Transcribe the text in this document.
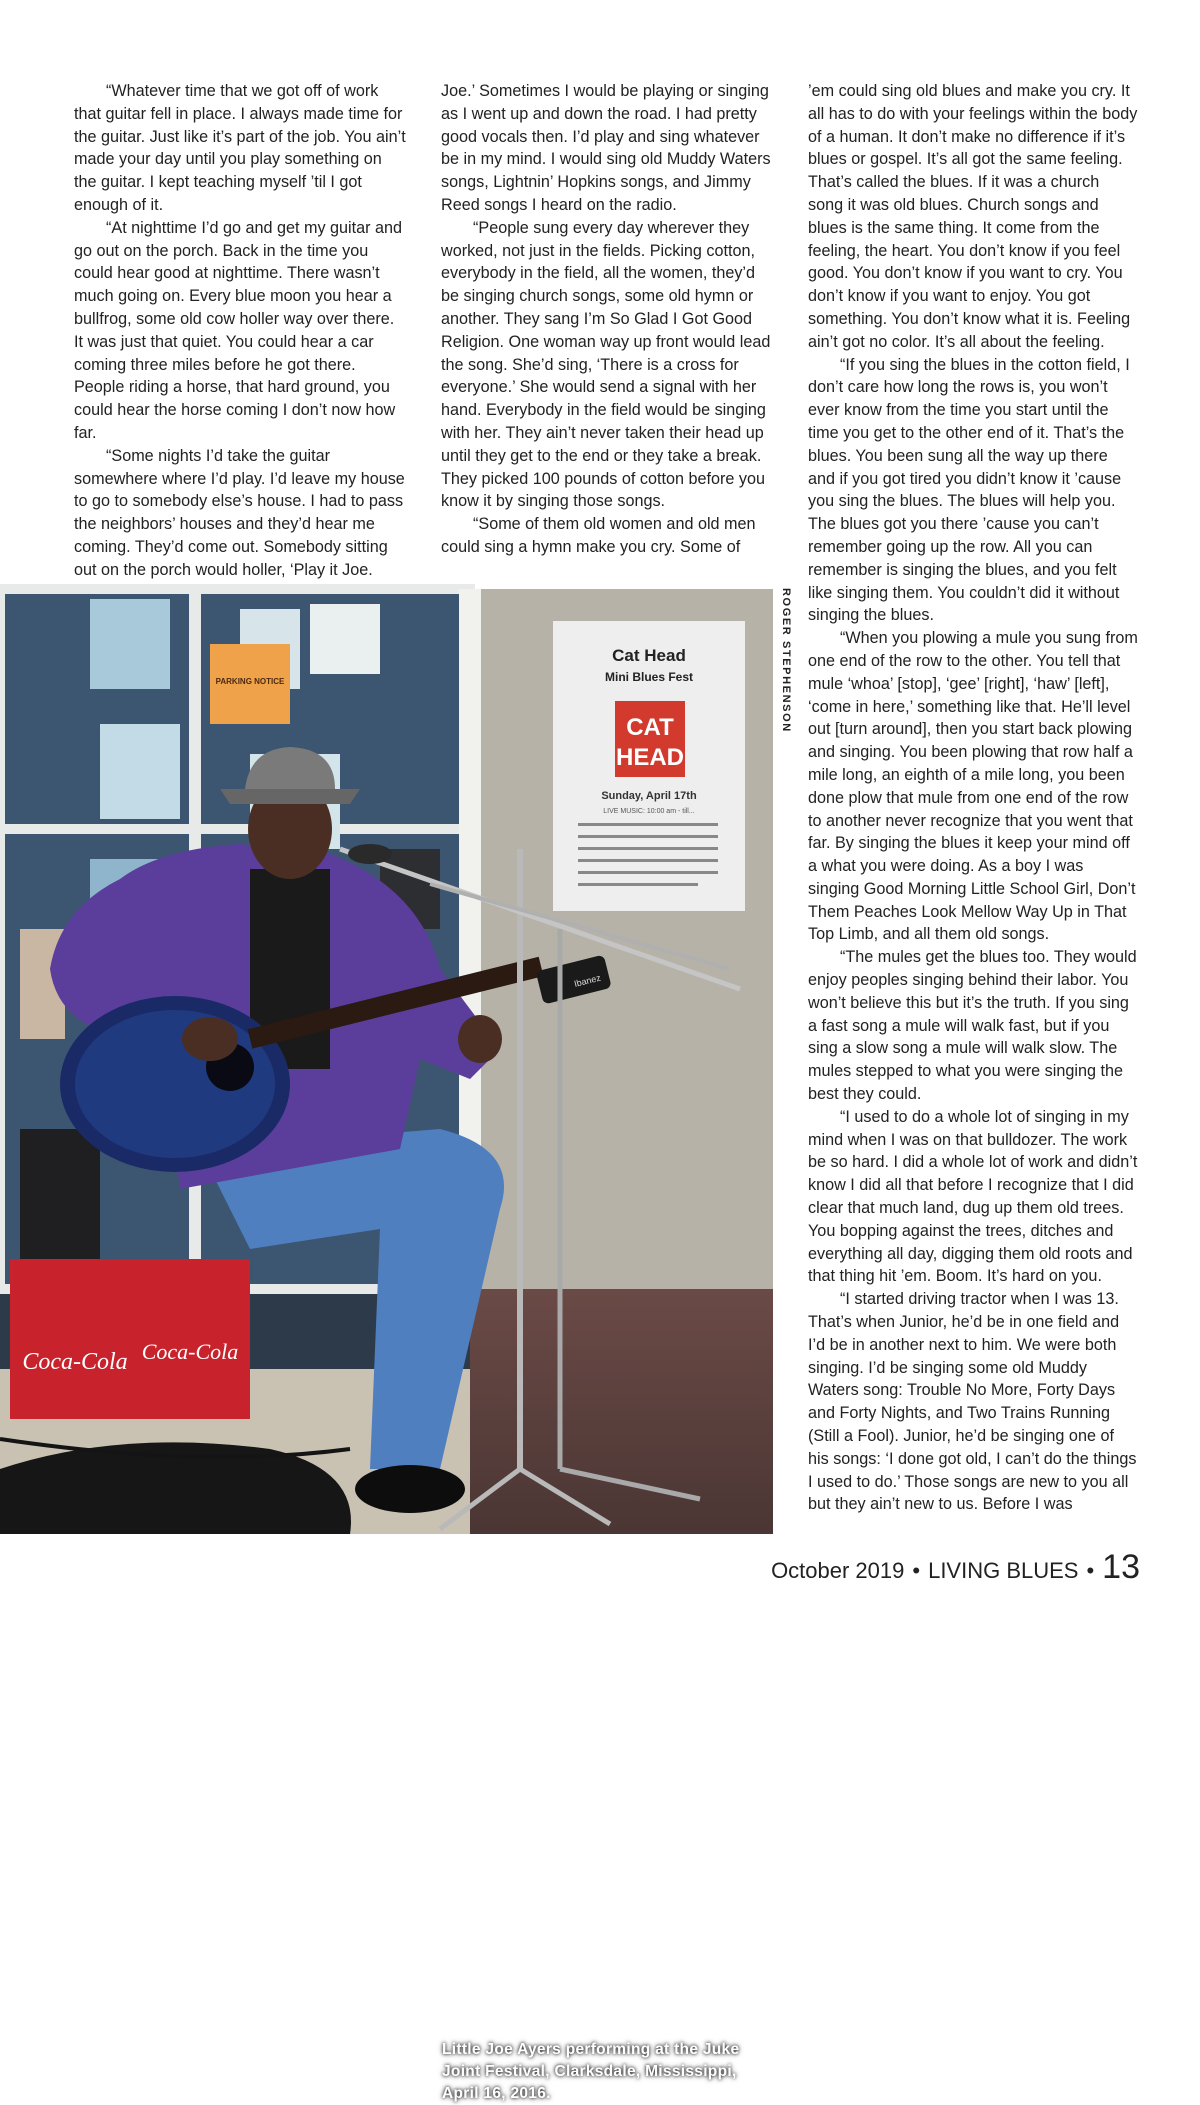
“Whatever time that we got off of work that guitar fell in place. I always made time for the guitar. Just like it’s part of the job. You ain’t made your day until you play something on the guitar. I kept teaching myself ’til I got enough of it.

“At nighttime I’d go and get my guitar and go out on the porch. Back in the time you could hear good at nighttime. There wasn’t much going on. Every blue moon you hear a bullfrog, some old cow holler way over there. It was just that quiet. You could hear a car coming three miles before he got there. People riding a horse, that hard ground, you could hear the horse coming I don’t now how far.

“Some nights I’d take the guitar somewhere where I’d play. I’d leave my house to go to somebody else’s house. I had to pass the neighbors’ houses and they’d hear me coming. They’d come out. Somebody sitting out on the porch would holler, ‘Play it Joe.

Joe.’ Sometimes I would be playing or singing as I went up and down the road. I had pretty good vocals then. I’d play and sing whatever be in my mind. I would sing old Muddy Waters songs, Lightnin’ Hopkins songs, and Jimmy Reed songs I heard on the radio.

“People sung every day wherever they worked, not just in the fields. Picking cotton, everybody in the field, all the women, they’d be singing church songs, some old hymn or another. They sang I’m So Glad I Got Good Religion. One woman way up front would lead the song. She’d sing, ‘There is a cross for everyone.’ She would send a signal with her hand. Everybody in the field would be singing with her. They ain’t never taken their head up until they get to the end or they take a break. They picked 100 pounds of cotton before you know it by singing those songs.

“Some of them old women and old men could sing a hymn make you cry. Some of

’em could sing old blues and make you cry. It all has to do with your feelings within the body of a human. It don’t make no difference if it’s blues or gospel. It’s all got the same feeling. That’s called the blues. If it was a church song it was old blues. Church songs and blues is the same thing. It come from the feeling, the heart. You don’t know if you feel good. You don’t know if you want to cry. You don’t know if you want to enjoy. You got something. You don’t know what it is. Feeling ain’t got no color. It’s all about the feeling.

“If you sing the blues in the cotton field, I don’t care how long the rows is, you won’t ever know from the time you start until the time you get to the other end of it. That’s the blues. You been sung all the way up there and if you got tired you didn’t know it ’cause you sing the blues. The blues will help you. The blues got you there ’cause you can’t remember going up the row. All you can remember is singing the blues, and you felt like singing them. You couldn’t did it without singing the blues.

“When you plowing a mule you sung from one end of the row to the other. You tell that mule ‘whoa’ [stop], ‘gee’ [right], ‘haw’ [left], ‘come in here,’ something like that. He’ll level out [turn around], then you start back plowing and singing. You been plowing that row half a mile long, an eighth of a mile long, you been done plow that mule from one end of the row to another never recognize that you went that far. By singing the blues it keep your mind off a what you were doing. As a boy I was singing Good Morning Little School Girl, Don’t Them Peaches Look Mellow Way Up in That Top Limb, and all them old songs.

“The mules get the blues too. They would enjoy peoples singing behind their labor. You won’t believe this but it’s the truth. If you sing a fast song a mule will walk fast, but if you sing a slow song a mule will walk slow. The mules stepped to what you were singing the best they could.

“I used to do a whole lot of singing in my mind when I was on that bulldozer. The work be so hard. I did a whole lot of work and didn’t know I did all that before I recognize that I did clear that much land, dug up them old trees. You bopping against the trees, ditches and everything all day, digging them old roots and that thing hit ’em. Boom. It’s hard on you.

“I started driving tractor when I was 13. That’s when Junior, he’d be in one field and I’d be in another next to him. We were both singing. I’d be singing some old Muddy Waters song: Trouble No More, Forty Days and Forty Nights, and Two Trains Running (Still a Fool). Junior, he’d be singing one of his songs: ‘I done got old, I can’t do the things I used to do.’ Those songs are new to you all but they ain’t new to us. Before I was

PARKING NOTICE
Cat Head
Mini Blues Fest
CAT
HEAD
Sunday, April 17th
LIVE MUSIC: 10:00 am - till...
Coca-Cola Coca-Cola
Ibanez
Little Joe Ayers performing at the Juke Joint Festival, Clarksdale, Mississippi, April 16, 2016.
ROGER STEPHENSON
October 2019 • LIVING BLUES • 13
